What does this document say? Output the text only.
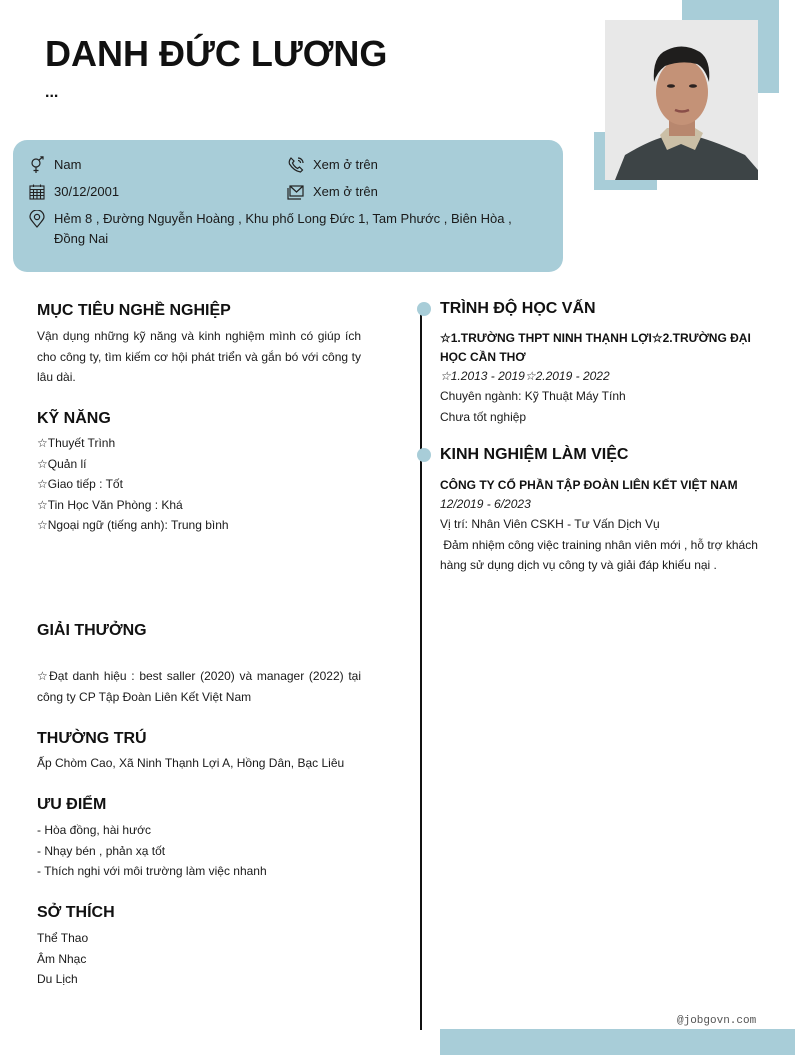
DANH ĐỨC LƯƠNG
...
Nam
30/12/2001
Hẻm 8 , Đường Nguyễn Hoàng , Khu phố Long Đức 1, Tam Phước , Biên Hòa , Đồng Nai
Xem ở trên
Xem ở trên
MỤC TIÊU NGHỀ NGHIỆP
Vận dụng những kỹ năng và kinh nghiệm mình có giúp ích cho công ty, tìm kiếm cơ hội phát triển và gắn bó với công ty lâu dài.
KỸ NĂNG
☆Thuyết Trình
☆Quản lí
☆Giao tiếp : Tốt
☆Tin Học Văn Phòng : Khá
☆Ngoại ngữ (tiếng anh): Trung bình
GIẢI THƯỞNG
☆Đạt danh hiệu : best saller (2020) và manager (2022) tại công ty CP Tập Đoàn Liên Kết Việt Nam
THƯỜNG TRÚ
Ấp Chòm Cao, Xã Ninh Thạnh Lợi A, Hồng Dân, Bạc Liêu
ƯU ĐIỂM
- Hòa đồng, hài hước
- Nhạy bén , phản xạ tốt
- Thích nghi với môi trường làm việc nhanh
SỞ THÍCH
Thể Thao
Âm Nhạc
Du Lịch
TRÌNH ĐỘ HỌC VẤN
☆1.TRƯỜNG THPT NINH THẠNH LỢI☆2.TRƯỜNG ĐẠI HỌC CẦN THƠ
☆1.2013 - 2019☆2.2019 - 2022
Chuyên ngành: Kỹ Thuật Máy Tính
Chưa tốt nghiệp
KINH NGHIỆM LÀM VIỆC
CÔNG TY CỔ PHẦN TẬP ĐOÀN LIÊN KẾT VIỆT NAM
12/2019 - 6/2023
Vị trí: Nhân Viên CSKH - Tư Vấn Dịch Vụ
Đảm nhiệm công việc training nhân viên mới , hỗ trợ khách hàng sử dụng dịch vụ công ty và giải đáp khiếu nại .
@jobgovn.com
